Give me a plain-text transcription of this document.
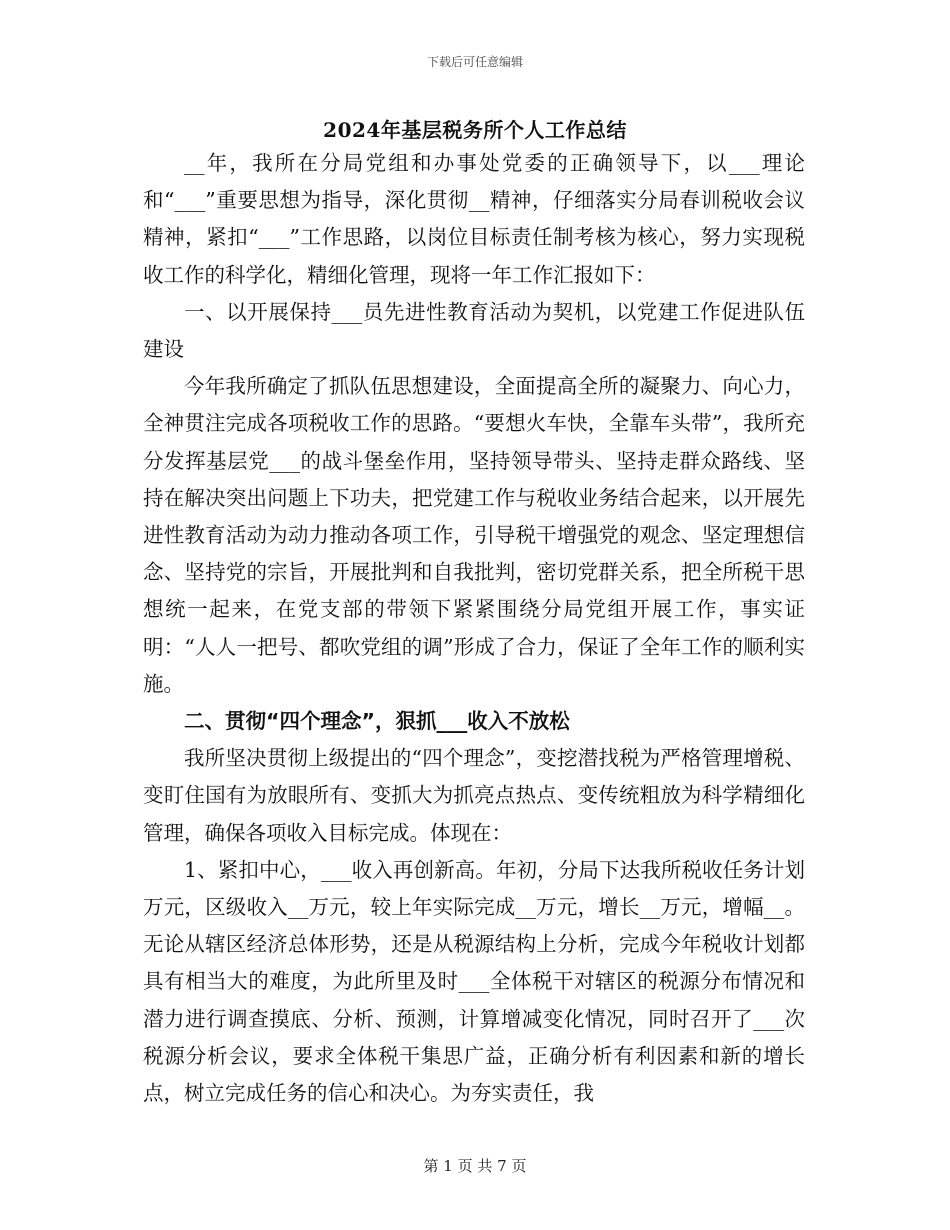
下载后可任意编辑
2024年基层税务所个人工作总结

__年，我所在分局党组和办事处党委的正确领导下，以___理论和“___”重要思想为指导，深化贯彻__精神，仔细落实分局春训税收会议精神，紧扣“___”工作思路，以岗位目标责任制考核为核心，努力实现税收工作的科学化，精细化管理，现将一年工作汇报如下：

一、以开展保持___员先进性教育活动为契机，以党建工作促进队伍建设

今年我所确定了抓队伍思想建设，全面提高全所的凝聚力、向心力，全神贯注完成各项税收工作的思路。“要想火车快，全靠车头带”，我所充分发挥基层党___的战斗堡垒作用，坚持领导带头、坚持走群众路线、坚持在解决突出问题上下功夫，把党建工作与税收业务结合起来，以开展先进性教育活动为动力推动各项工作，引导税干增强党的观念、坚定理想信念、坚持党的宗旨，开展批判和自我批判，密切党群关系，把全所税干思想统一起来，在党支部的带领下紧紧围绕分局党组开展工作，事实证明：“人人一把号、都吹党组的调”形成了合力，保证了全年工作的顺利实施。

二、贯彻“四个理念”，狠抓___收入不放松

我所坚决贯彻上级提出的“四个理念”，变挖潜找税为严格管理增税、变盯住国有为放眼所有、变抓大为抓亮点热点、变传统粗放为科学精细化管理，确保各项收入目标完成。体现在：

1、紧扣中心，___收入再创新高。年初，分局下达我所税收任务计划万元，区级收入__万元，较上年实际完成__万元，增长__万元，增幅__。无论从辖区经济总体形势，还是从税源结构上分析，完成今年税收计划都具有相当大的难度，为此所里及时___全体税干对辖区的税源分布情况和潜力进行调查摸底、分析、预测，计算增减变化情况，同时召开了___次税源分析会议，要求全体税干集思广益，正确分析有利因素和新的增长点，树立完成任务的信心和决心。为夯实责任，我

第 1 页 共 7 页
